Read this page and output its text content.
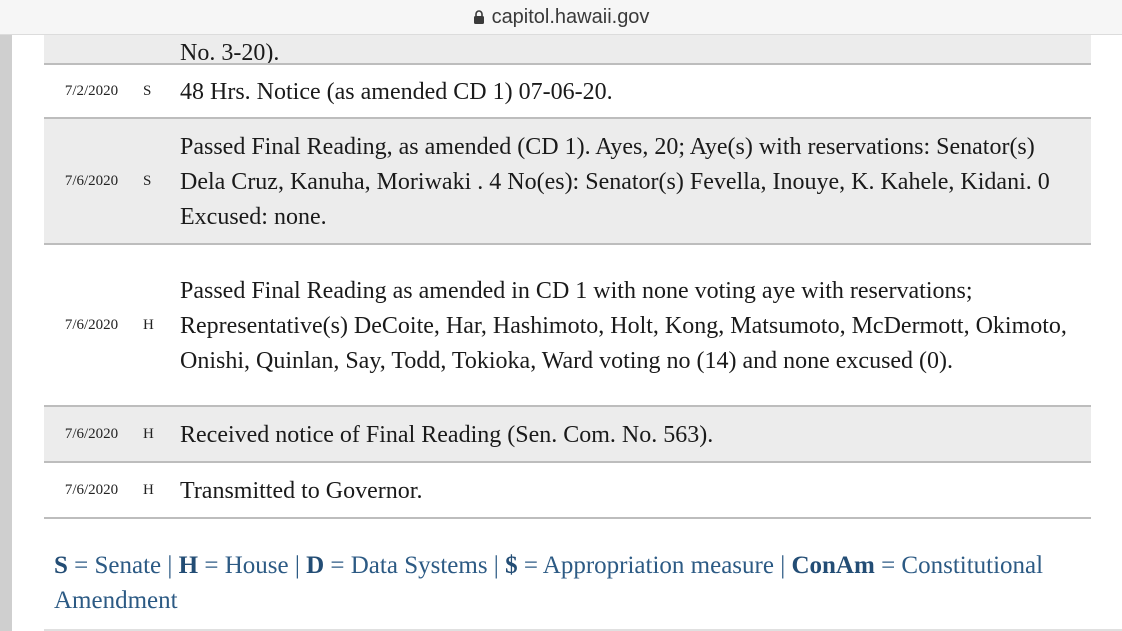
capitol.hawaii.gov

		No. 3-20).

7/2/2020	S	48 Hrs. Notice (as amended CD 1) 07-06-20.
7/6/2020	S	Passed Final Reading, as amended (CD 1). Ayes, 20; Aye(s) with reservations: Senator(s) Dela Cruz, Kanuha, Moriwaki . 4 No(es): Senator(s) Fevella, Inouye, K. Kahele, Kidani. 0 Excused: none.
7/6/2020	H	Passed Final Reading as amended in CD 1 with none voting aye with reservations; Representative(s) DeCoite, Har, Hashimoto, Holt, Kong, Matsumoto, McDermott, Okimoto, Onishi, Quinlan, Say, Todd, Tokioka, Ward voting no (14) and none excused (0).
7/6/2020	H	Received notice of Final Reading (Sen. Com. No. 563).
7/6/2020	H	Transmitted to Governor.
S = Senate | H = House | D = Data Systems | $ = Appropriation measure | ConAm = Constitutional Amendment
